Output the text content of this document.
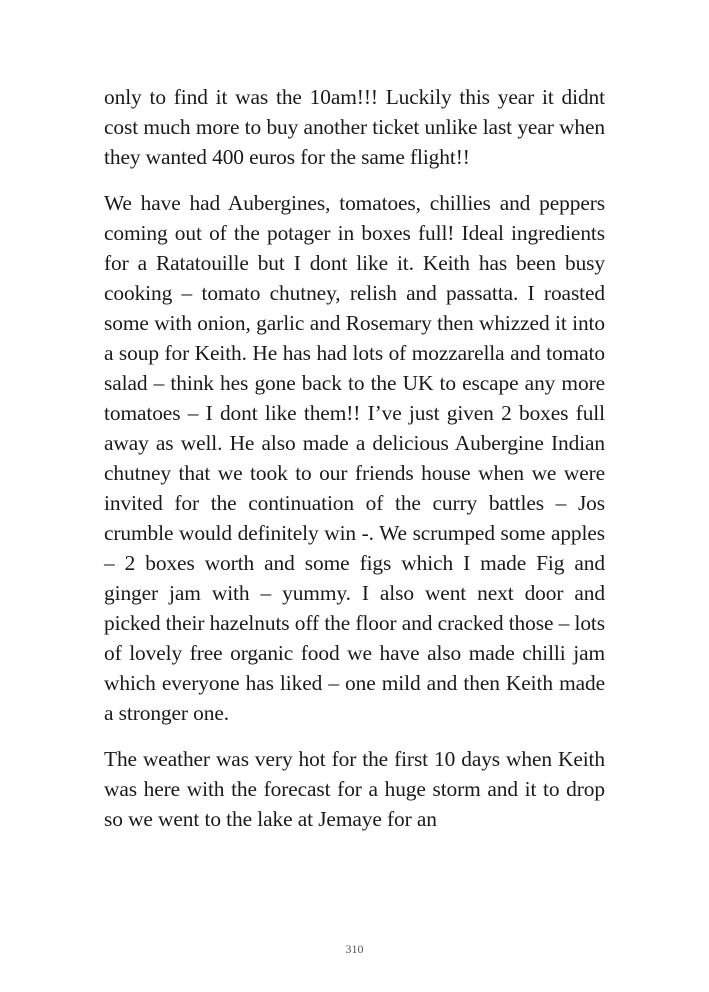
only to find it was the 10am!!! Luckily this year it didnt cost much more to buy another ticket unlike last year when they wanted 400 euros for the same flight!!

We have had Aubergines, tomatoes, chillies and peppers coming out of the potager in boxes full! Ideal ingredients for a Ratatouille but I dont like it. Keith has been busy cooking – tomato chutney, relish and passatta. I roasted some with onion, garlic and Rosemary then whizzed it into a soup for Keith. He has had lots of mozzarella and tomato salad – think hes gone back to the UK to escape any more tomatoes – I dont like them!! I’ve just given 2 boxes full away as well. He also made a delicious Aubergine Indian chutney that we took to our friends house when we were invited for the continuation of the curry battles – Jos crumble would definitely win -. We scrumped some apples – 2 boxes worth and some figs which I made Fig and ginger jam with – yummy. I also went next door and picked their hazelnuts off the floor and cracked those – lots of lovely free organic food we have also made chilli jam which everyone has liked – one mild and then Keith made a stronger one.

The weather was very hot for the first 10 days when Keith was here with the forecast for a huge storm and it to drop so we went to the lake at Jemaye for an

310
